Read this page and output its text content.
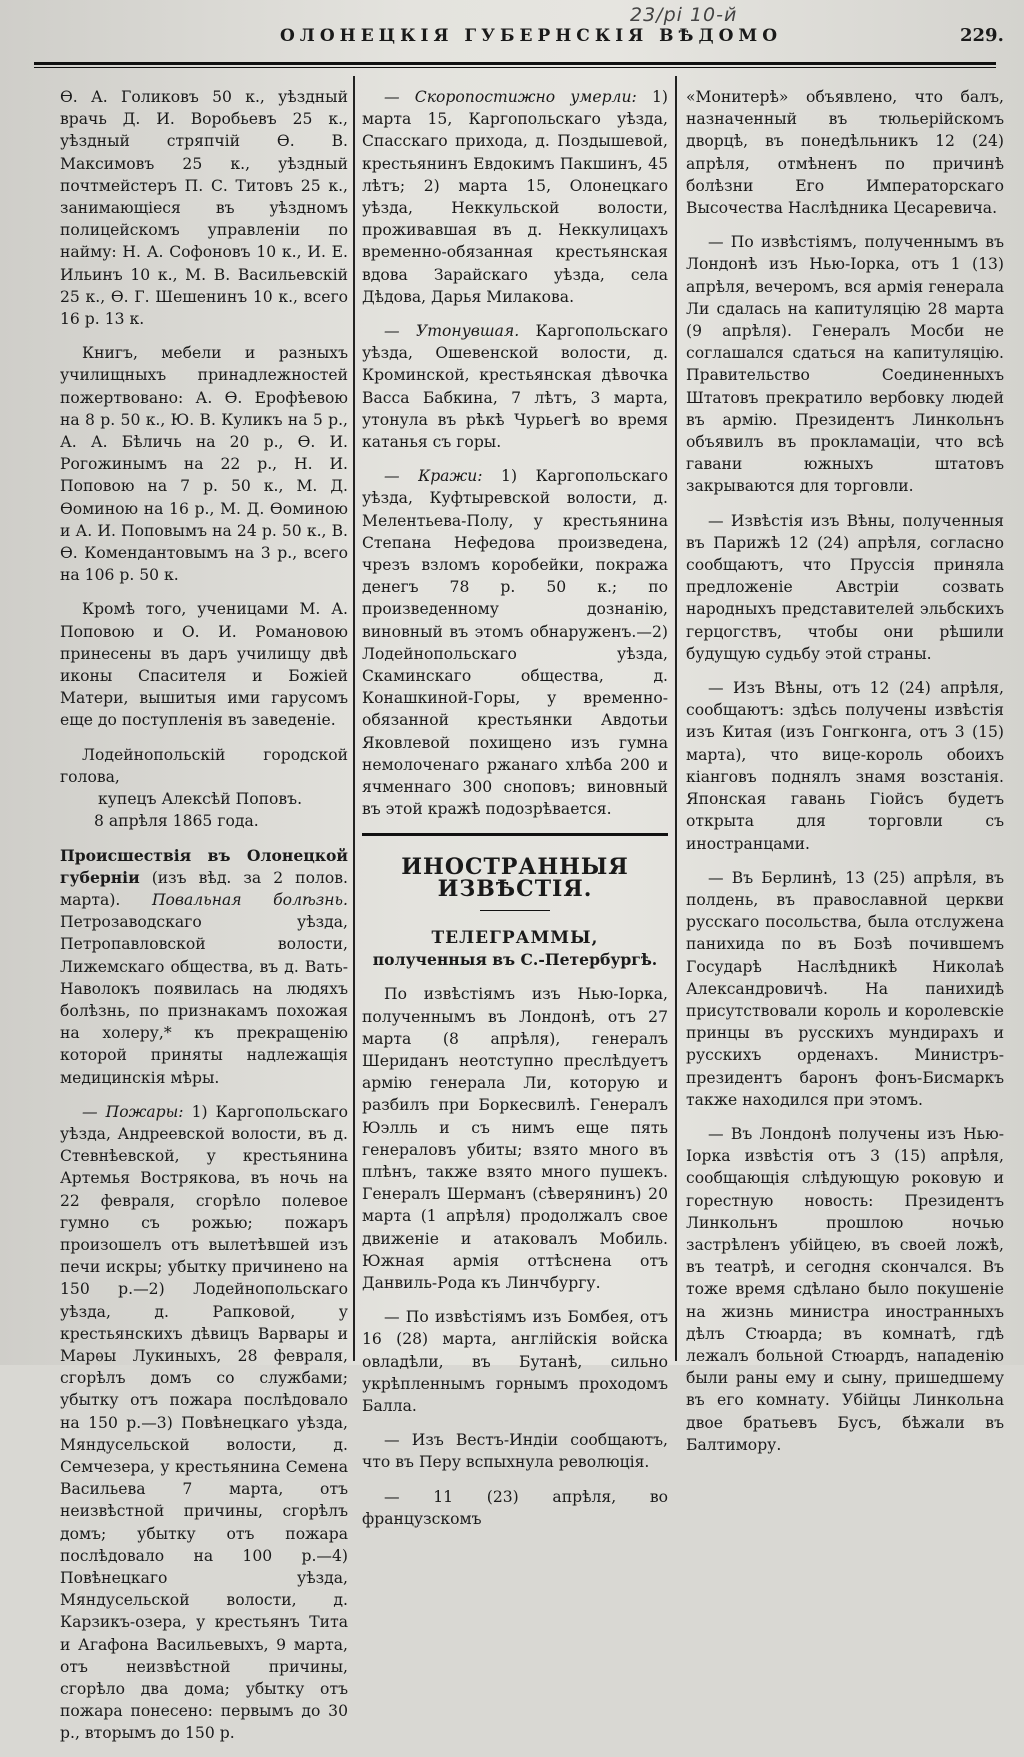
23/рі 10-й
ОЛОНЕЦКІЯ ГУБЕРНСКІЯ ВѢДОМО	229.

Ѳ. А. Голиковъ 50 к., уѣздный врачь Д. И. Воробьевъ 25 к., уѣздный стряпчій Ѳ. В. Максимовъ 25 к., уѣздный почтмейстеръ П. С. Титовъ 25 к., занимающіеся въ уѣздномъ полицейскомъ управленіи по найму: Н. А. Софоновъ 10 к., И. Е. Ильинъ 10 к., М. В. Васильевскій 25 к., Ѳ. Г. Шешенинъ 10 к., всего 16 р. 13 к.

Книгъ, мебели и разныхъ училищныхъ принадлежностей пожертвовано: А. Ѳ. Ерофѣевою на 8 р. 50 к., Ю. В. Куликъ на 5 р., А. А. Бѣличь на 20 р., Ѳ. И. Рогожинымъ на 22 р., Н. И. Поповою на 7 р. 50 к., М. Д. Ѳоминою на 16 р., М. Д. Ѳоминою и А. И. Поповымъ на 24 р. 50 к., В. Ѳ. Комендантовымъ на 3 р., всего на 106 р. 50 к.

Кромѣ того, ученицами М. А. Поповою и О. И. Романовою принесены въ даръ училищу двѣ иконы Спасителя и Божіей Матери, вышитыя ими гарусомъ еще до поступленія въ заведеніе.

Лодейнопольскій городской голова,

купецъ Алексѣй Поповъ.

8 апрѣля 1865 года.

Происшествія въ Олонецкой губерніи (изъ вѣд. за 2 полов. марта). Повальная болѣзнь. Петрозаводскаго уѣзда, Петропавловской волости, Лижемскаго общества, въ д. Вать-Наволокъ появилась на людяхъ болѣзнь, по признакамъ похожая на холеру,* къ прекращенію которой приняты надлежащія медицинскія мѣры.

— Пожары: 1) Каргопольскаго уѣзда, Андреевской волости, въ д. Стевнѣевской, у крестьянина Артемья Вострякова, въ ночь на 22 февраля, сгорѣло полевое гумно съ рожью; пожаръ произошелъ отъ вылетѣвшей изъ печи искры; убытку причинено на 150 р.—2) Лодейнопольскаго уѣзда, д. Рапковой, у крестьянскихъ дѣвицъ Варвары и Марѳы Лукиныхъ, 28 февраля, сгорѣлъ домъ со службами; убытку отъ пожара послѣдовало на 150 р.—3) Повѣнецкаго уѣзда, Мяндусельской волости, д. Семчезера, у крестьянина Семена Васильева 7 марта, отъ неизвѣстной причины, сгорѣлъ домъ; убытку отъ пожара послѣдовало на 100 р.—4) Повѣнецкаго уѣзда, Мяндусельской волости, д. Карзикъ-озера, у крестьянъ Тита и Агафона Васильевыхъ, 9 марта, отъ неизвѣстной причины, сгорѣло два дома; убытку отъ пожара понесено: первымъ до 30 р., вторымъ до 150 р.

— Скоропостижно умерли: 1) марта 15, Каргопольскаго уѣзда, Спасскаго прихода, д. Поздышевой, крестьянинъ Евдокимъ Пакшинъ, 45 лѣтъ; 2) марта 15, Олонецкаго уѣзда, Неккульской волости, проживавшая въ д. Неккулицахъ временно-обязанная крестьянская вдова Зарайскаго уѣзда, села Дѣдова, Дарья Милакова.

— Утонувшая. Каргопольскаго уѣзда, Ошевенской волости, д. Кроминской, крестьянская дѣвочка Васса Бабкина, 7 лѣтъ, 3 марта, утонула въ рѣкѣ Чурьегѣ во время катанья съ горы.

— Кражи: 1) Каргопольскаго уѣзда, Куфтыревской волости, д. Мелентьева-Полу, у крестьянина Степана Нефедова произведена, чрезъ взломъ коробейки, покража денегъ 78 р. 50 к.; по произведенному дознанію, виновный въ этомъ обнаруженъ.—2) Лодейнопольскаго уѣзда, Скаминскаго общества, д. Конашкиной-Горы, у временно-обязанной крестьянки Авдотьи Яковлевой похищено изъ гумна немолоченаго ржанаго хлѣба 200 и ячменнаго 300 сноповъ; виновный въ этой кражѣ подозрѣвается.

ИНОСТРАННЫЯ ИЗВѢСТІЯ.
ТЕЛЕГРАММЫ,
полученныя въ С.-Петербургѣ.

По извѣстіямъ изъ Нью-Іорка, полученнымъ въ Лондонѣ, отъ 27 марта (8 апрѣля), генералъ Шериданъ неотступно преслѣдуетъ армію генерала Ли, которую и разбилъ при Боркесвилѣ. Генералъ Юэлль и съ нимъ еще пять генераловъ убиты; взято много въ плѣнъ, также взято много пушекъ. Генералъ Шерманъ (сѣверянинъ) 20 марта (1 апрѣля) продолжалъ свое движеніе и атаковалъ Мобиль. Южная армія оттѣснена отъ Данвиль-Рода къ Линчбургу.

— По извѣстіямъ изъ Бомбея, отъ 16 (28) марта, англійскія войска овладѣли, въ Бутанѣ, сильно укрѣпленнымъ горнымъ проходомъ Балла.

— Изъ Вестъ-Индіи сообщаютъ, что въ Перу вспыхнула революція.

— 11 (23) апрѣля, во французскомъ

«Монитерѣ» объявлено, что балъ, назначенный въ тюльерійскомъ дворцѣ, въ понедѣльникъ 12 (24) апрѣля, отмѣненъ по причинѣ болѣзни Его Императорскаго Высочества Наслѣдника Цесаревича.

— По извѣстіямъ, полученнымъ въ Лондонѣ изъ Нью-Іорка, отъ 1 (13) апрѣля, вечеромъ, вся армія генерала Ли сдалась на капитуляцію 28 марта (9 апрѣля). Генералъ Мосби не соглашался сдаться на капитуляцію. Правительство Соединенныхъ Штатовъ прекратило вербовку людей въ армію. Президентъ Линкольнъ объявилъ въ прокламаціи, что всѣ гавани южныхъ штатовъ закрываются для торговли.

— Извѣстія изъ Вѣны, полученныя въ Парижѣ 12 (24) апрѣля, согласно сообщаютъ, что Пруссія приняла предложеніе Австріи созвать народныхъ представителей эльбскихъ герцогствъ, чтобы они рѣшили будущую судьбу этой страны.

— Изъ Вѣны, отъ 12 (24) апрѣля, сообщаютъ: здѣсь получены извѣстія изъ Китая (изъ Гонгконга, отъ 3 (15) марта), что вице-король обоихъ кіанговъ поднялъ знамя возстанія. Японская гавань Гіойсъ будетъ открыта для торговли съ иностранцами.

— Въ Берлинѣ, 13 (25) апрѣля, въ полдень, въ православной церкви русскаго посольства, была отслужена панихида по въ Бозѣ почившемъ Государѣ Наслѣдникѣ Николаѣ Александровичѣ. На панихидѣ присутствовали король и королевскіе принцы въ русскихъ мундирахъ и русскихъ орденахъ. Министръ-президентъ баронъ фонъ-Бисмаркъ также находился при этомъ.

— Въ Лондонѣ получены изъ Нью-Іорка извѣстія отъ 3 (15) апрѣля, сообщающія слѣдующую роковую и горестную новость: Президентъ Линкольнъ прошлою ночью застрѣленъ убійцею, въ своей ложѣ, въ театрѣ, и сегодня скончался. Въ тоже время сдѣлано было покушеніе на жизнь министра иностранныхъ дѣлъ Стюарда; въ комнатѣ, гдѣ лежалъ больной Стюардъ, нападенію были раны ему и сыну, пришедшему въ его комнату. Убійцы Линкольна двое братьевъ Бусъ, бѣжали въ Балтимору.
